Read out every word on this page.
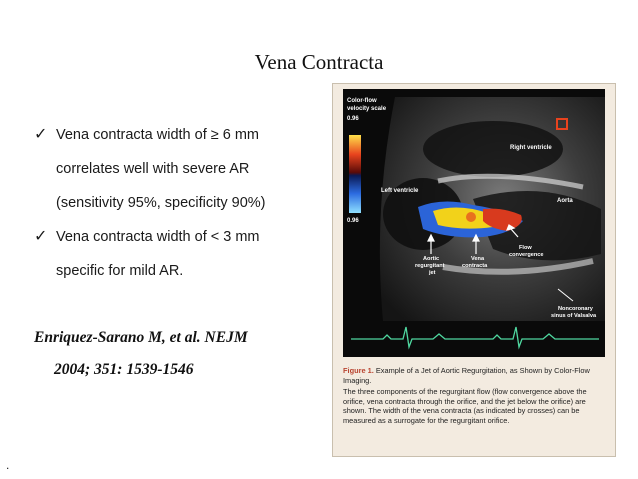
Vena Contracta
✓ Vena contracta width of ≥ 6 mm
correlates well with severe AR
(sensitivity 95%, specificity 90%)
✓ Vena contracta width of < 3 mm
specific for mild AR.
Enriquez-Sarano M, et al. NEJM
2004; 351: 1539-1546
.
Color-flow
velocity scale
0.96
0.96
Right ventricle
Left ventricle
Aorta
Aortic
regurgitant
jet
Vena
contracta
Flow
convergence
Noncoronary
sinus of Valsalva
Figure 1. Example of a Jet of Aortic Regurgitation, as Shown by Color-Flow Imaging.
The three components of the regurgitant flow (flow convergence above the orifice, vena contracta through the orifice, and the jet below the orifice) are shown. The width of the vena contracta (as indicated by crosses) can be measured as a surrogate for the regurgitant orifice.
